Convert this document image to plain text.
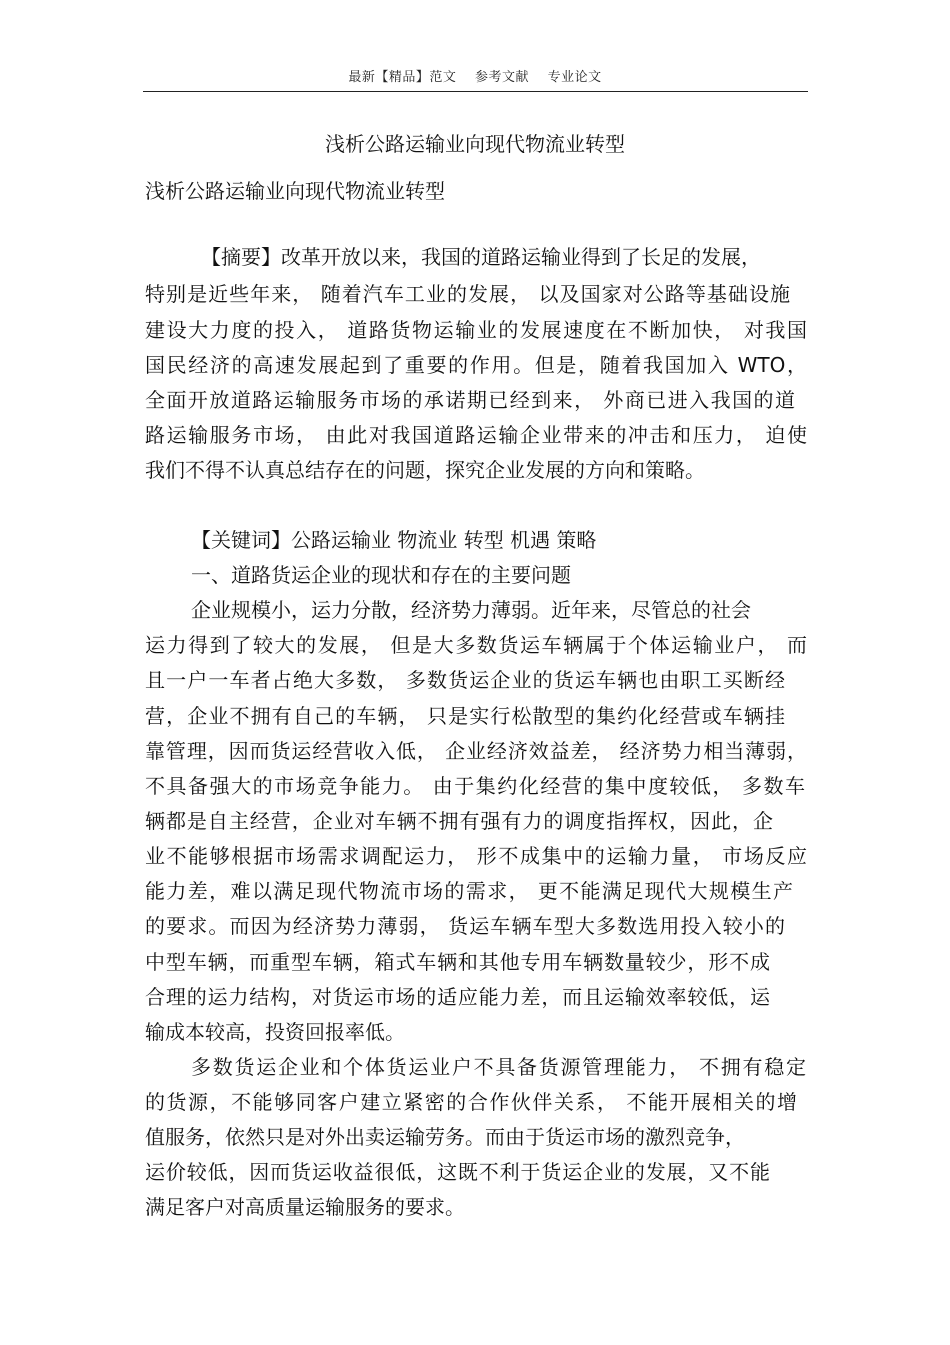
最新【精品】范文 参考文献 专业论文
浅析公路运输业向现代物流业转型
浅析公路运输业向现代物流业转型
【摘要】改革开放以来，我国的道路运输业得到了长足的发展，
特别是近些年来， 随着汽车工业的发展， 以及国家对公路等基础设施
建设大力度的投入， 道路货物运输业的发展速度在不断加快， 对我国
国民经济的高速发展起到了重要的作用。但是，随着我国加入 WTO，
全面开放道路运输服务市场的承诺期已经到来， 外商已进入我国的道
路运输服务市场， 由此对我国道路运输企业带来的冲击和压力， 迫使
我们不得不认真总结存在的问题，探究企业发展的方向和策略。
【关键词】公路运输业 物流业 转型 机遇 策略
一、道路货运企业的现状和存在的主要问题
企业规模小，运力分散，经济势力薄弱。近年来，尽管总的社会
运力得到了较大的发展， 但是大多数货运车辆属于个体运输业户， 而
且一户一车者占绝大多数， 多数货运企业的货运车辆也由职工买断经
营，企业不拥有自己的车辆， 只是实行松散型的集约化经营或车辆挂
靠管理，因而货运经营收入低， 企业经济效益差， 经济势力相当薄弱，
不具备强大的市场竞争能力。 由于集约化经营的集中度较低， 多数车
辆都是自主经营，企业对车辆不拥有强有力的调度指挥权，因此，企
业不能够根据市场需求调配运力， 形不成集中的运输力量， 市场反应
能力差，难以满足现代物流市场的需求， 更不能满足现代大规模生产
的要求。而因为经济势力薄弱， 货运车辆车型大多数选用投入较小的
中型车辆，而重型车辆，箱式车辆和其他专用车辆数量较少，形不成
合理的运力结构，对货运市场的适应能力差，而且运输效率较低，运
输成本较高，投资回报率低。
多数货运企业和个体货运业户不具备货源管理能力， 不拥有稳定
的货源，不能够同客户建立紧密的合作伙伴关系， 不能开展相关的增
值服务，依然只是对外出卖运输劳务。而由于货运市场的激烈竞争，
运价较低，因而货运收益很低，这既不利于货运企业的发展，又不能
满足客户对高质量运输服务的要求。
